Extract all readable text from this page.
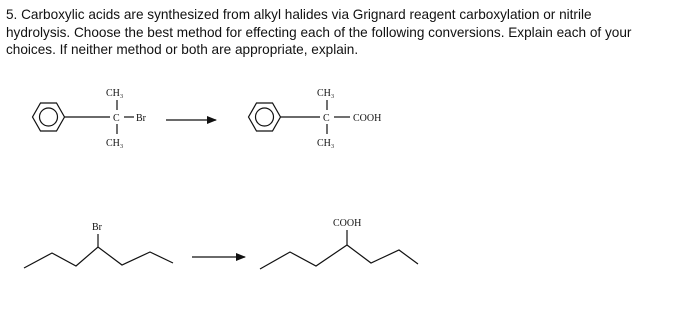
5. Carboxylic acids are synthesized from alkyl halides via Grignard reagent carboxylation or nitrile
hydrolysis. Choose the best method for effecting each of the following conversions. Explain each of your
choices. If neither method or both are appropriate, explain.
CH₃
C Br
CH₃
CH₃
C COOH
CH₃
Br	COOH
